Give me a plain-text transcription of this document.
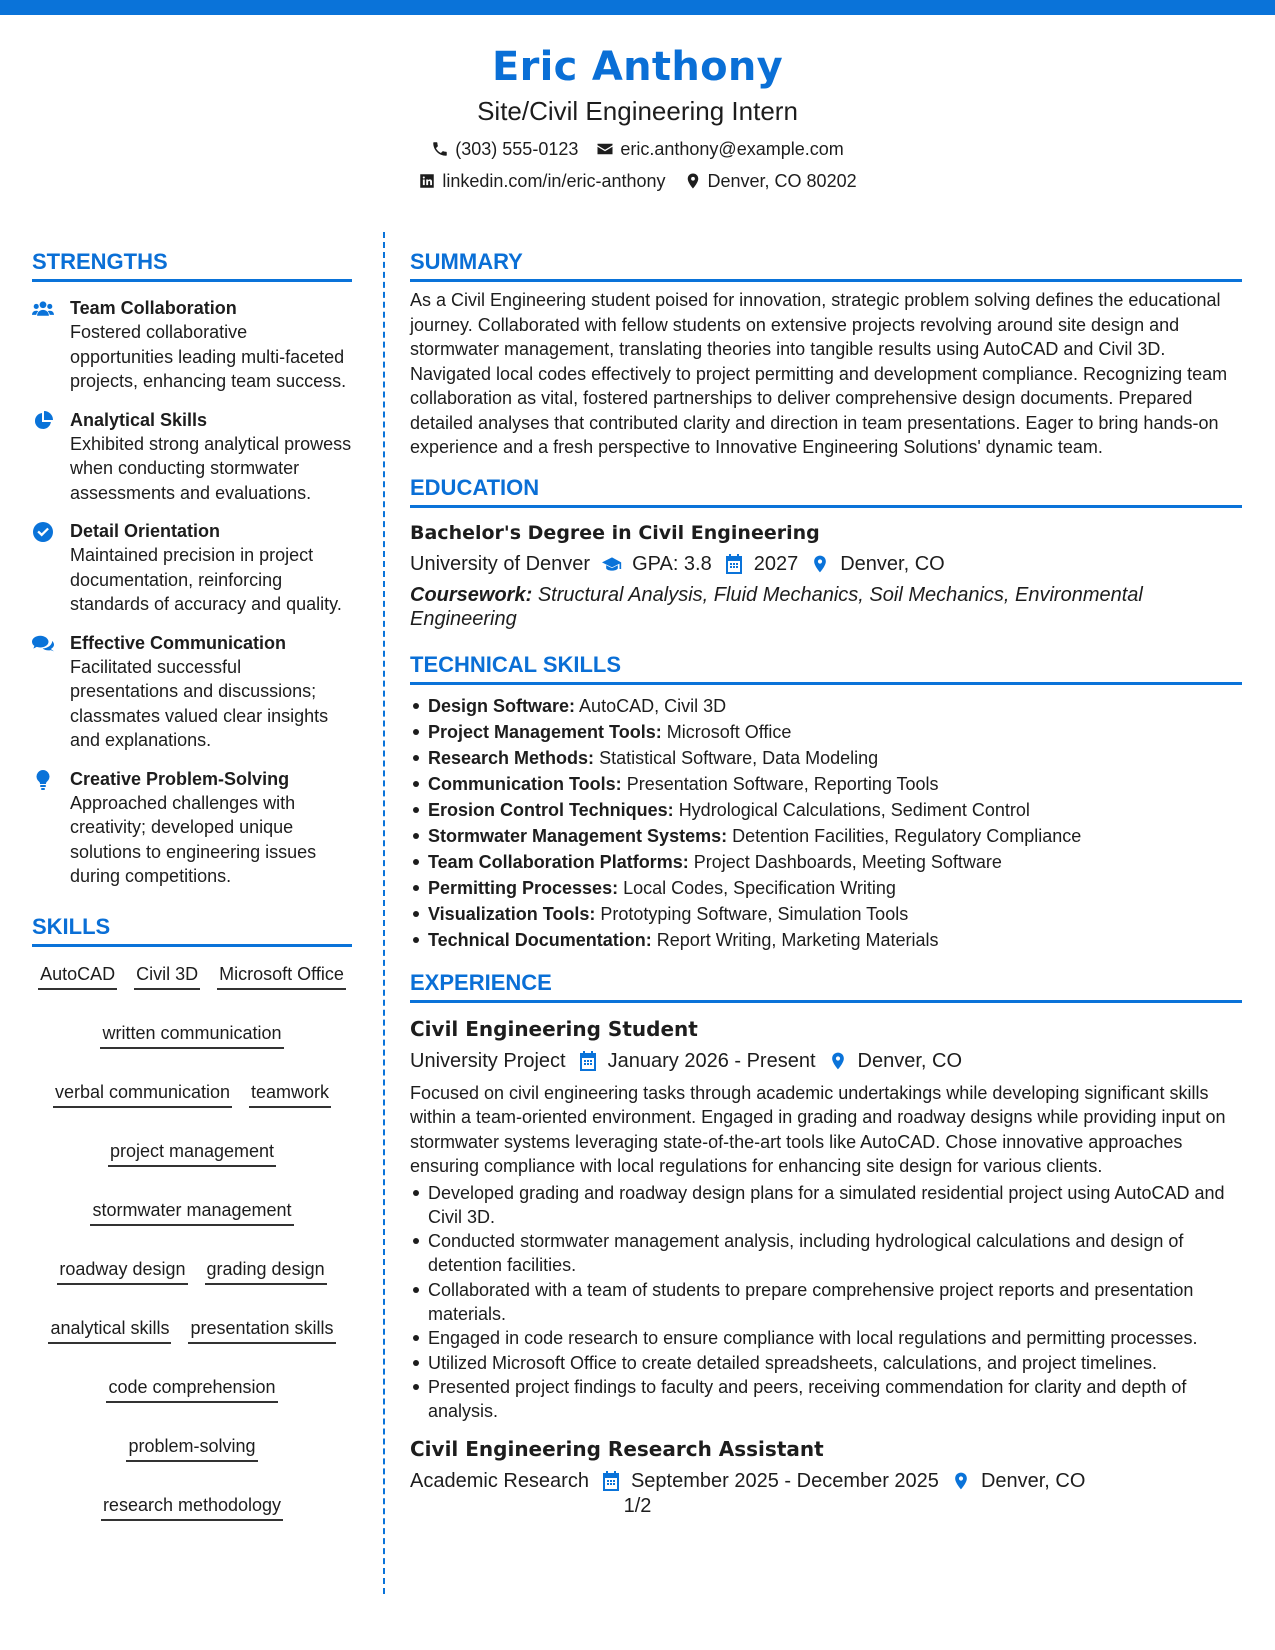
Eric Anthony
Site/Civil Engineering Intern
(303) 555-0123 eric.anthony@example.com
linkedin.com/in/eric-anthony Denver, CO 80202
STRENGTHS
Team Collaboration
Fostered collaborative opportunities leading multi-faceted projects, enhancing team success.
Analytical Skills
Exhibited strong analytical prowess when conducting stormwater assessments and evaluations.
Detail Orientation
Maintained precision in project documentation, reinforcing standards of accuracy and quality.
Effective Communication
Facilitated successful presentations and discussions; classmates valued clear insights and explanations.
Creative Problem-Solving
Approached challenges with creativity; developed unique solutions to engineering issues during competitions.
SKILLS
AutoCAD Civil 3D Microsoft Office
written communication
verbal communication teamwork
project management
stormwater management
roadway design grading design
analytical skills presentation skills
code comprehension
problem-solving
research methodology
SUMMARY

As a Civil Engineering student poised for innovation, strategic problem solving defines the educational journey. Collaborated with fellow students on extensive projects revolving around site design and stormwater management, translating theories into tangible results using AutoCAD and Civil 3D. Navigated local codes effectively to project permitting and development compliance. Recognizing team collaboration as vital, fostered partnerships to deliver comprehensive design documents. Prepared detailed analyses that contributed clarity and direction in team presentations. Eager to bring hands-on experience and a fresh perspective to Innovative Engineering Solutions' dynamic team.

EDUCATION
Bachelor's Degree in Civil Engineering
University of Denver GPA: 3.8 2027 Denver, CO
Coursework: Structural Analysis, Fluid Mechanics, Soil Mechanics, Environmental Engineering
TECHNICAL SKILLS
Design Software: AutoCAD, Civil 3D
Project Management Tools: Microsoft Office
Research Methods: Statistical Software, Data Modeling
Communication Tools: Presentation Software, Reporting Tools
Erosion Control Techniques: Hydrological Calculations, Sediment Control
Stormwater Management Systems: Detention Facilities, Regulatory Compliance
Team Collaboration Platforms: Project Dashboards, Meeting Software
Permitting Processes: Local Codes, Specification Writing
Visualization Tools: Prototyping Software, Simulation Tools
Technical Documentation: Report Writing, Marketing Materials
EXPERIENCE
Civil Engineering Student
University Project January 2026 - Present Denver, CO

Focused on civil engineering tasks through academic undertakings while developing significant skills within a team-oriented environment. Engaged in grading and roadway designs while providing input on stormwater systems leveraging state-of-the-art tools like AutoCAD. Chose innovative approaches ensuring compliance with local regulations for enhancing site design for various clients.

Developed grading and roadway design plans for a simulated residential project using AutoCAD and Civil 3D.
Conducted stormwater management analysis, including hydrological calculations and design of detention facilities.
Collaborated with a team of students to prepare comprehensive project reports and presentation materials.
Engaged in code research to ensure compliance with local regulations and permitting processes.
Utilized Microsoft Office to create detailed spreadsheets, calculations, and project timelines.
Presented project findings to faculty and peers, receiving commendation for clarity and depth of analysis.
Civil Engineering Research Assistant
Academic Research September 2025 - December 2025 Denver, CO
1/2
